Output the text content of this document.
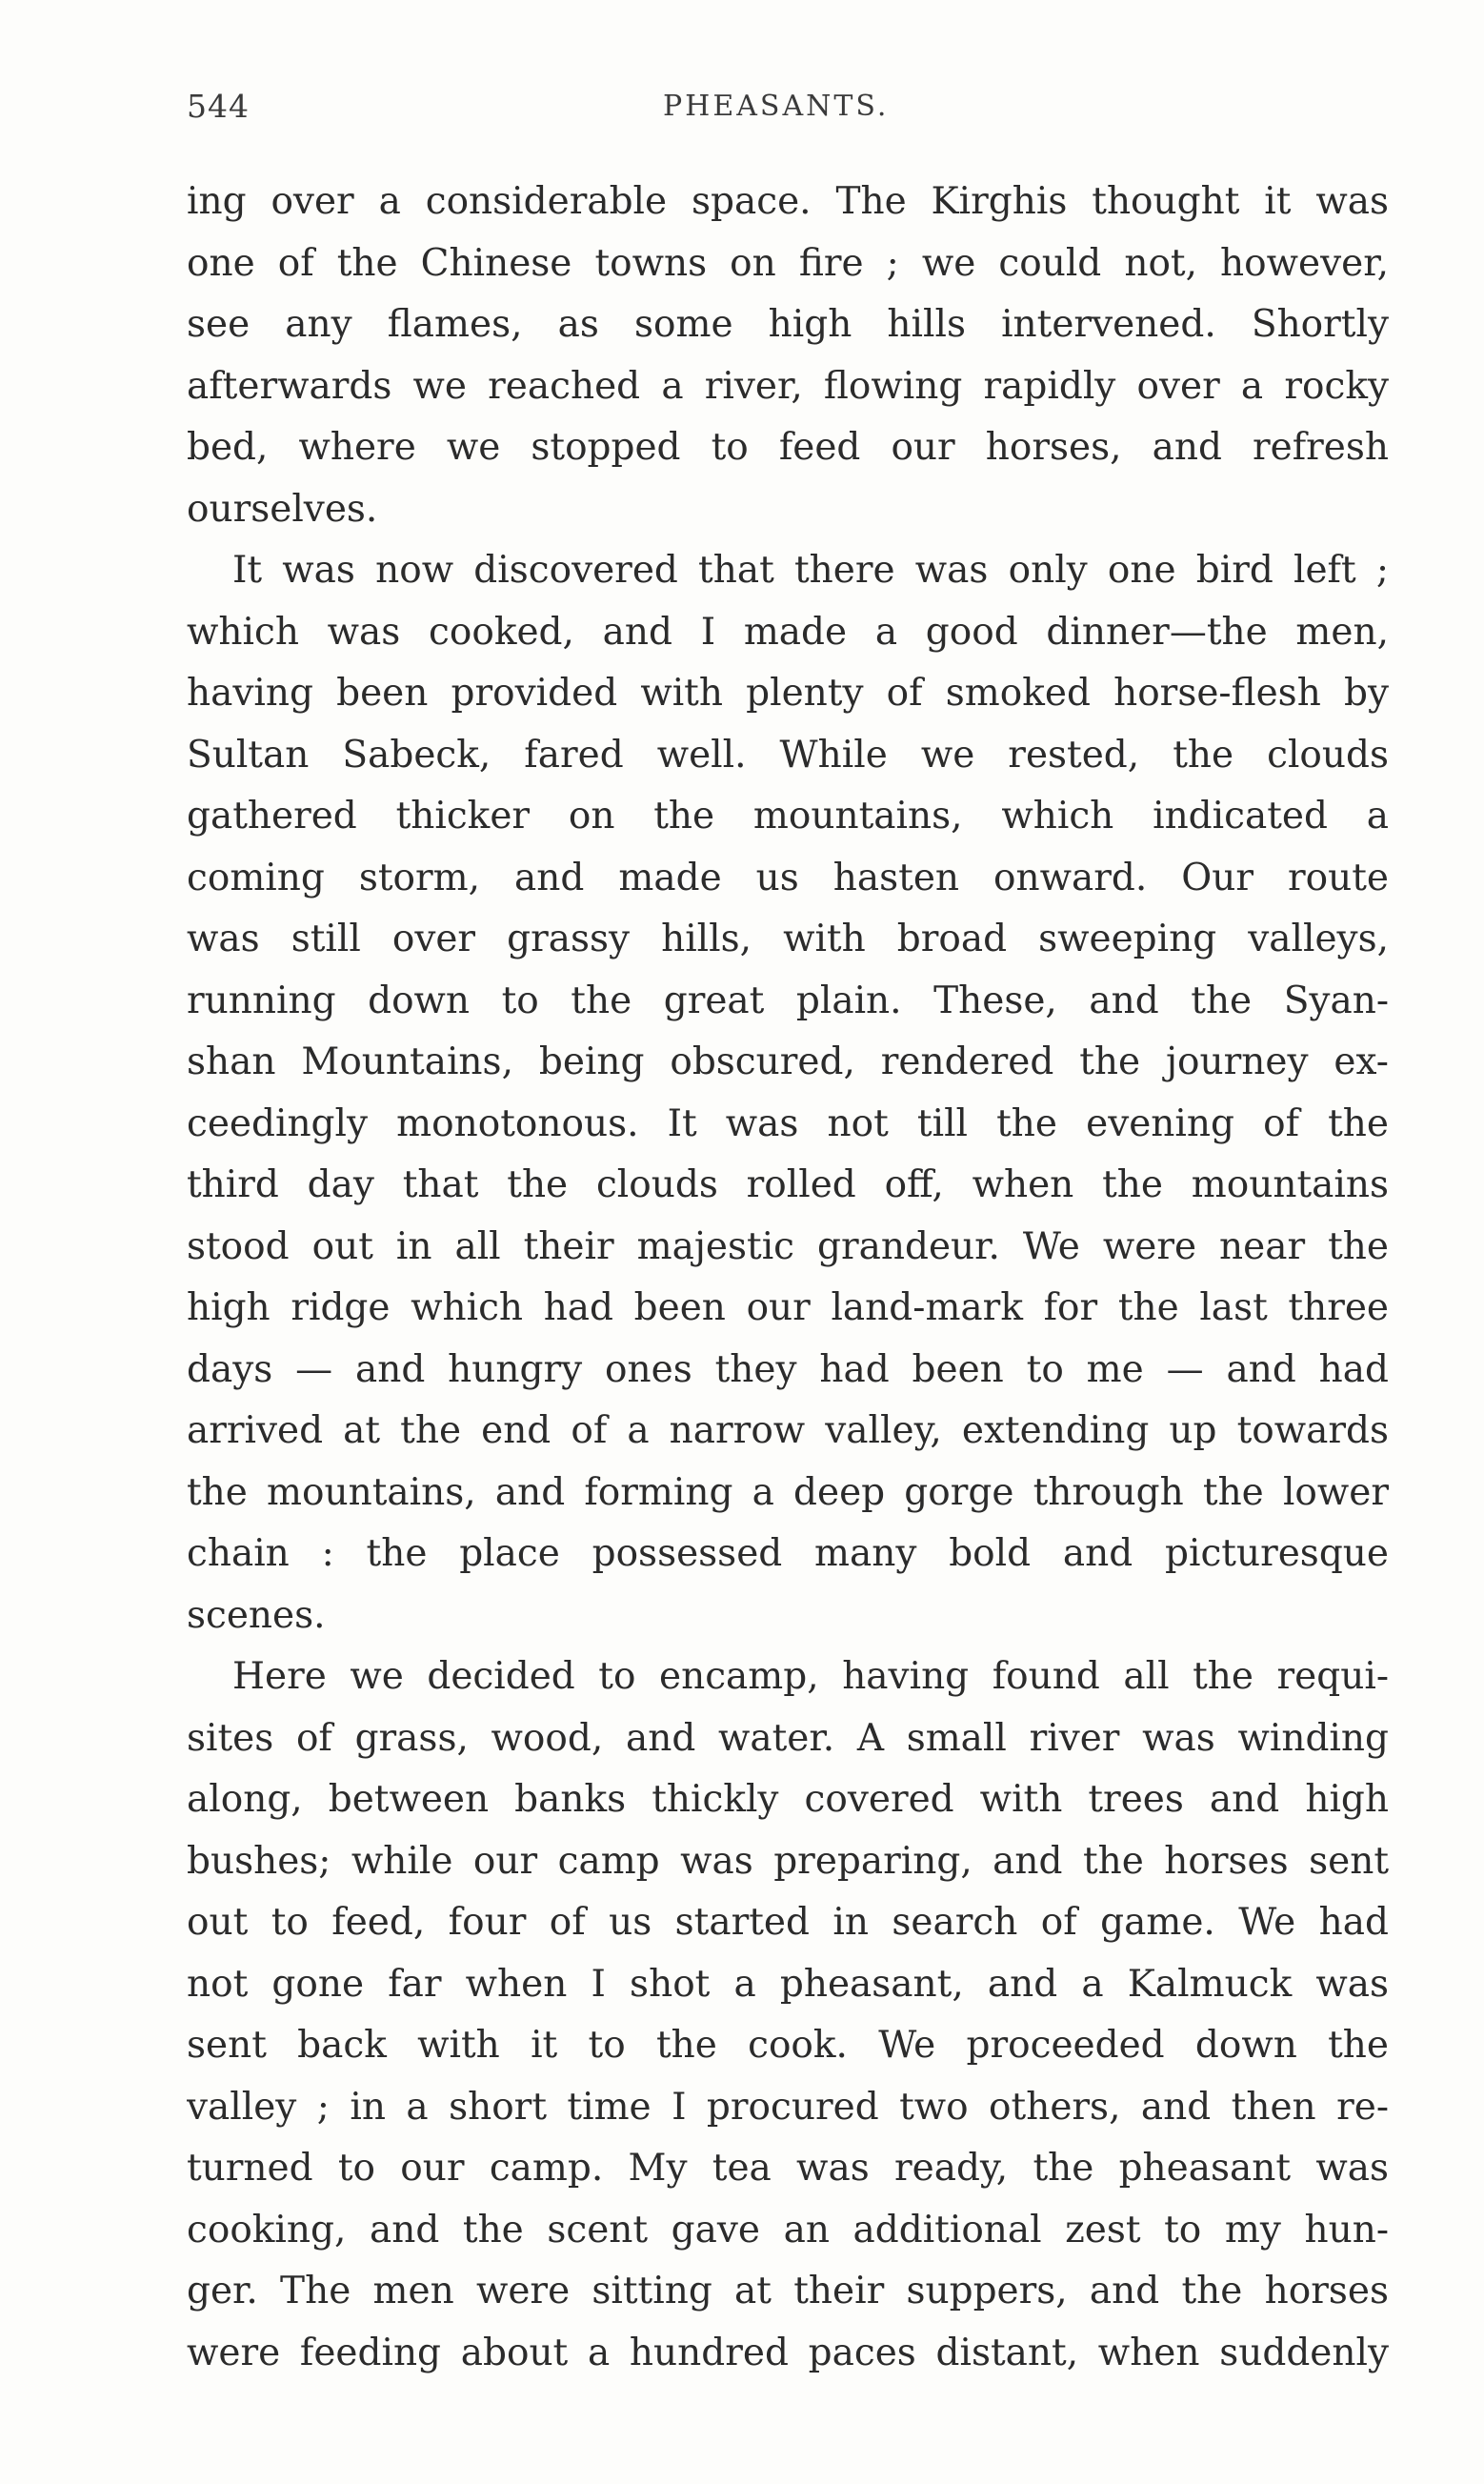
544	PHEASANTS.
ing over a considerable space. The Kirghis thought it was
one of the Chinese towns on fire ; we could not, however,
see any flames, as some high hills intervened. Shortly
afterwards we reached a river, flowing rapidly over a rocky
bed, where we stopped to feed our horses, and refresh
ourselves.
It was now discovered that there was only one bird left ;
which was cooked, and I made a good dinner—the men,
having been provided with plenty of smoked horse-flesh by
Sultan Sabeck, fared well. While we rested, the clouds
gathered thicker on the mountains, which indicated a
coming storm, and made us hasten onward. Our route
was still over grassy hills, with broad sweeping valleys,
running down to the great plain. These, and the Syan-
shan Mountains, being obscured, rendered the journey ex-
ceedingly monotonous. It was not till the evening of the
third day that the clouds rolled off, when the mountains
stood out in all their majestic grandeur. We were near the
high ridge which had been our land-mark for the last three
days — and hungry ones they had been to me — and had
arrived at the end of a narrow valley, extending up towards
the mountains, and forming a deep gorge through the lower
chain : the place possessed many bold and picturesque
scenes.
Here we decided to encamp, having found all the requi-
sites of grass, wood, and water. A small river was winding
along, between banks thickly covered with trees and high
bushes; while our camp was preparing, and the horses sent
out to feed, four of us started in search of game. We had
not gone far when I shot a pheasant, and a Kalmuck was
sent back with it to the cook. We proceeded down the
valley ; in a short time I procured two others, and then re-
turned to our camp. My tea was ready, the pheasant was
cooking, and the scent gave an additional zest to my hun-
ger. The men were sitting at their suppers, and the horses
were feeding about a hundred paces distant, when suddenly
